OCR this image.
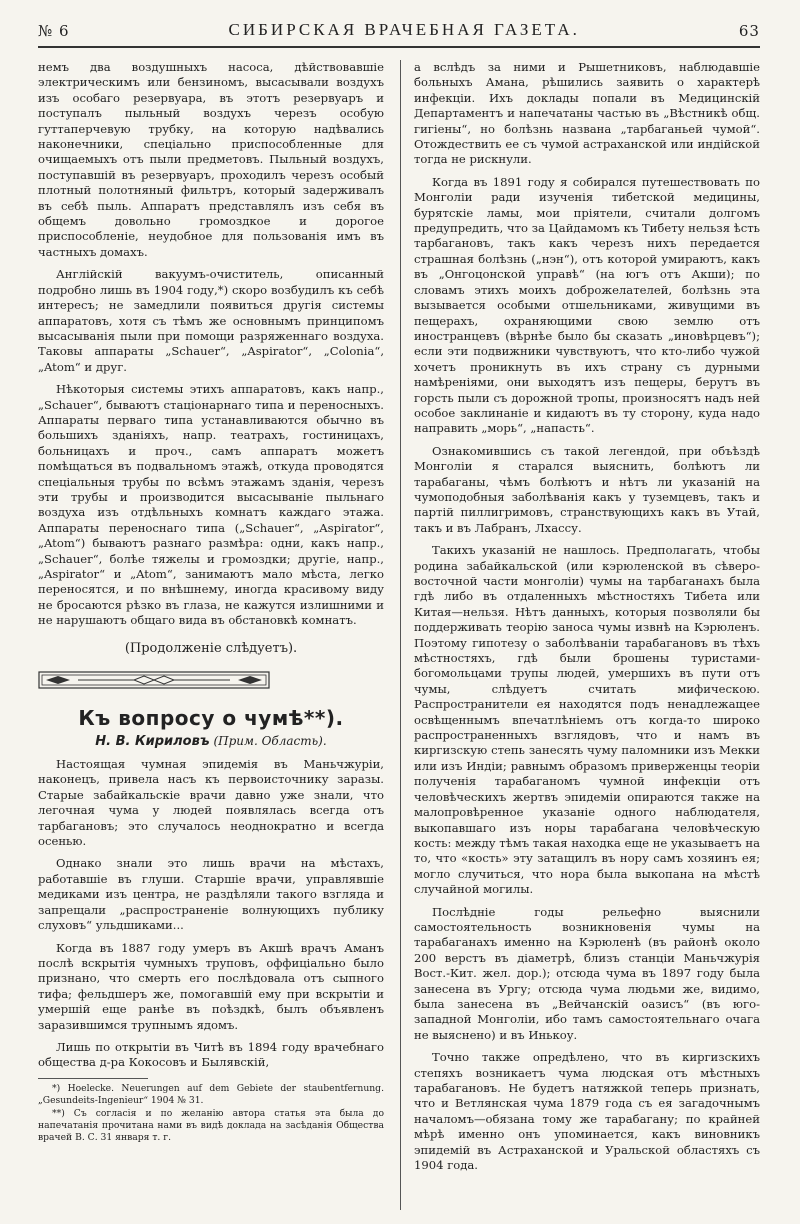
№ 6	СИБИРСКАЯ ВРАЧЕБНАЯ ГАЗЕТА.	63

немъ два воздушныхъ насоса, дѣйствовавшіе электрическимъ или бензиномъ, высасывали воздухъ изъ особаго резервуара, въ этотъ резервуаръ и поступалъ пыльный воздухъ черезъ особую гуттаперчевую трубку, на которую надѣвались наконечники, спеціально приспособленные для очищаемыхъ отъ пыли предметовъ. Пыльный воздухъ, поступавшій въ резервуаръ, проходилъ черезъ особый плотный полотняный фильтръ, который задерживалъ въ себѣ пыль. Аппаратъ представлялъ изъ себя въ общемъ довольно громоздкое и дорогое приспособленіе, неудобное для пользованія имъ въ частныхъ домахъ.

Англійскій вакуумъ-очиститель, описанный подробно лишь въ 1904 году,*) скоро возбудилъ къ себѣ интересъ; не замедлили появиться другія системы аппаратовъ, хотя съ тѣмъ же основнымъ принципомъ высасыванія пыли при помощи разряженнаго воздуха. Таковы аппараты „Schauer“, „Aspirator“, „Colonia“, „Atom“ и друг.

Нѣкоторыя системы этихъ аппаратовъ, какъ напр., „Schauer“, бываютъ стаціонарнаго типа и переносныхъ. Аппараты перваго типа устанавливаются обычно въ большихъ зданіяхъ, напр. театрахъ, гостиницахъ, больницахъ и проч., самъ аппаратъ можетъ помѣщаться въ подвальномъ этажѣ, откуда проводятся спеціальныя трубы по всѣмъ этажамъ зданія, черезъ эти трубы и производится высасываніе пыльнаго воздуха изъ отдѣльныхъ комнатъ каждаго этажа. Аппараты переноснаго типа („Schauer“, „Aspirator“, „Atom“) бываютъ разнаго размѣра: одни, какъ напр., „Schauer“, болѣе тяжелы и громоздки; другіе, напр., „Aspirator“ и „Atom“, занимаютъ мало мѣста, легко переносятся, и по внѣшнему, иногда красивому виду не бросаются рѣзко въ глаза, не кажутся излишними и не нарушаютъ общаго вида въ обстановкѣ комнатъ.

(Продолженіе слѣдуетъ).

Къ вопросу о чумѣ**).
Н. В. Кириловъ (Прим. Область).

Настоящая чумная эпидемія въ Маньчжуріи, наконецъ, привела насъ къ первоисточнику заразы. Старые забайкальскіе врачи давно уже знали, что легочная чума у людей появлялась всегда отъ тарбагановъ; это случалось неоднократно и всегда осенью.

Однако знали это лишь врачи на мѣстахъ, работавшіе въ глуши. Старшіе врачи, управлявшіе медиками изъ центра, не раздѣляли такого взгляда и запрещали „распространеніе волнующихъ публику слуховъ“ ульдшиками...

Когда въ 1887 году умеръ въ Акшѣ врачъ Аманъ послѣ вскрытія чумныхъ труповъ, оффиціально было признано, что смерть его послѣдовала отъ сыпного тифа; фельдшеръ же, помогавшій ему при вскрытіи и умершій еще ранѣе въ поѣздкѣ, былъ объявленъ заразившимся трупнымъ ядомъ.

Лишь по открытіи въ Читѣ въ 1894 году врачебнаго общества д-ра Кокосовъ и Былявскій,

*) Hoelecke. Neuerungen auf dem Gebiete der staubentfernung. „Gesundeits-Ingenieur“ 1904 № 31.

**) Съ согласія и по желанію автора статья эта была до напечатанія прочитана нами въ видѣ доклада на засѣданія Общества врачей В. С. 31 января т. г.

а вслѣдъ за ними и Рышетниковъ, наблюдавшіе больныхъ Амана, рѣшились заявить о характерѣ инфекціи. Ихъ доклады попали въ Медицинскій Департаментъ и напечатаны частью въ „Вѣстникѣ общ. гигіены“, но болѣзнь названа „тарбаганьей чумой“. Отождествить ее съ чумой астраханской или индійской тогда не рискнули.

Когда въ 1891 году я собирался путешествовать по Монголіи ради изученія тибетской медицины, бурятскіе ламы, мои пріятели, считали долгомъ предупредить, что за Цайдамомъ къ Тибету нельзя ѣсть тарбагановъ, такъ какъ черезъ нихъ передается страшная болѣзнь („нэн“), отъ которой умираютъ, какъ въ „Онгоцонской управѣ“ (на югъ отъ Акши); по словамъ этихъ моихъ доброжелателей, болѣзнь эта вызывается особыми отшельниками, живущими въ пещерахъ, охраняющими свою землю отъ иностранцевъ (вѣрнѣе было бы сказать „иновѣрцевъ“); если эти подвижники чувствуютъ, что кто-либо чужой хочетъ проникнуть въ ихъ страну съ дурными намѣреніями, они выходятъ изъ пещеры, берутъ въ горсть пыли съ дорожной тропы, произносятъ надъ ней особое заклинаніе и кидаютъ въ ту сторону, куда надо направить „морь“, „напасть“.

Ознакомившись съ такой легендой, при объѣздѣ Монголіи я старался выяснить, болѣютъ ли тарабаганы, чѣмъ болѣютъ и нѣтъ ли указаній на чумоподобныя заболѣванія какъ у туземцевъ, такъ и партій пиллигримовъ, странствующихъ какъ въ Утай, такъ и въ Лабранъ, Лхассу.

Такихъ указаній не нашлось. Предполагать, чтобы родина забайкальской (или кэрюленской въ сѣверо-восточной части монголіи) чумы на тарбаганахъ была гдѣ либо въ отдаленныхъ мѣстностяхъ Тибета или Китая—нельзя. Нѣтъ данныхъ, которыя позволяли бы поддерживать теорію заноса чумы извнѣ на Кэрюленъ. Поэтому гипотезу о заболѣваніи тарабагановъ въ тѣхъ мѣстностяхъ, гдѣ были брошены туристами-богомольцами трупы людей, умершихъ въ пути отъ чумы, слѣдуетъ считать мифическою. Распространители ея находятся подъ ненадлежащее освѣщеннымъ впечатлѣніемъ отъ когда-то широко распространенныхъ взглядовъ, что и намъ въ киргизскую степь занесять чуму паломники изъ Мекки или изъ Индіи; равнымъ образомъ приверженцы теоріи полученія тарабаганомъ чумной инфекціи отъ человѣческихъ жертвъ эпидеміи опираются также на малопровѣренное указаніе одного наблюдателя, выкопавшаго изъ норы тарабагана человѣческую кость: между тѣмъ такая находка еще не указываетъ на то, что «кость» эту затащилъ въ нору самъ хозяинъ ея; могло случиться, что нора была выкопана на мѣстѣ случайной могилы.

Послѣдніе годы рельефно выяснили самостоятельность возникновенія чумы на тарабаганахъ именно на Кэрюленѣ (въ районѣ около 200 верстъ въ діаметрѣ, близъ станціи Маньчжурія Вост.-Кит. жел. дор.); отсюда чума въ 1897 году была занесена въ Ургу; отсюда чума людьми же, видимо, была занесена въ „Вейчанскій оазисъ“ (въ юго-западной Монголіи, ибо тамъ самостоятельнаго очага не выяснено) и въ Инькоу.

Точно также опредѣлено, что въ киргизскихъ степяхъ возникаетъ чума людская отъ мѣстныхъ тарабагановъ. Не будетъ натяжкой теперь признать, что и Ветлянская чума 1879 года съ ея загадочнымъ началомъ—обязана тому же тарабагану; по крайней мѣрѣ именно онъ упоминается, какъ виновникъ эпидемій въ Астраханской и Уральской областяхъ съ 1904 года.
